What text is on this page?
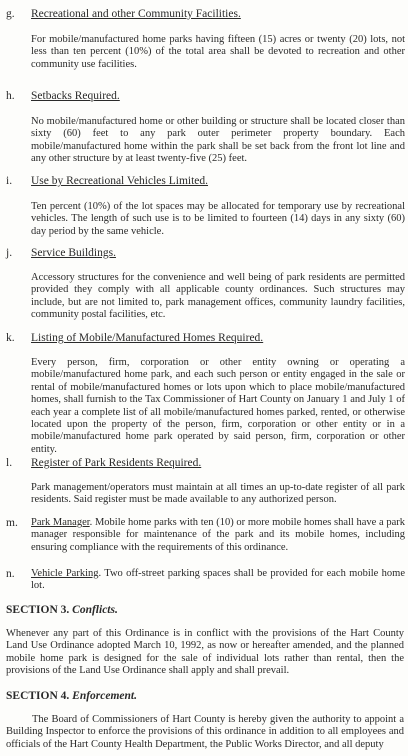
g. Recreational and other Community Facilities.
For mobile/manufactured home parks having fifteen (15) acres or twenty (20) lots, not less than ten percent (10%) of the total area shall be devoted to recreation and other community use facilities.
h. Setbacks Required.
No mobile/manufactured home or other building or structure shall be located closer than sixty (60) feet to any park outer perimeter property boundary. Each mobile/manufactured home within the park shall be set back from the front lot line and any other structure by at least twenty-five (25) feet.
i. Use by Recreational Vehicles Limited.
Ten percent (10%) of the lot spaces may be allocated for temporary use by recreational vehicles. The length of such use is to be limited to fourteen (14) days in any sixty (60) day period by the same vehicle.
j. Service Buildings.
Accessory structures for the convenience and well being of park residents are permitted provided they comply with all applicable county ordinances. Such structures may include, but are not limited to, park management offices, community laundry facilities, community postal facilities, etc.
k. Listing of Mobile/Manufactured Homes Required.
Every person, firm, corporation or other entity owning or operating a mobile/manufactured home park, and each such person or entity engaged in the sale or rental of mobile/manufactured homes or lots upon which to place mobile/manufactured homes, shall furnish to the Tax Commissioner of Hart County on January 1 and July 1 of each year a complete list of all mobile/manufactured homes parked, rented, or otherwise located upon the property of the person, firm, corporation or other entity or in a mobile/manufactured home park operated by said person, firm, corporation or other entity.
l. Register of Park Residents Required.
Park management/operators must maintain at all times an up-to-date register of all park residents. Said register must be made available to any authorized person.
m. Park Manager. Mobile home parks with ten (10) or more mobile homes shall have a park manager responsible for maintenance of the park and its mobile homes, including ensuring compliance with the requirements of this ordinance.
n. Vehicle Parking. Two off-street parking spaces shall be provided for each mobile home lot.
SECTION 3. Conflicts.
Whenever any part of this Ordinance is in conflict with the provisions of the Hart County Land Use Ordinance adopted March 10, 1992, as now or hereafter amended, and the planned mobile home park is designed for the sale of individual lots rather than rental, then the provisions of the Land Use Ordinance shall apply and shall prevail.
SECTION 4. Enforcement.
The Board of Commissioners of Hart County is hereby given the authority to appoint a Building Inspector to enforce the provisions of this ordinance in addition to all employees and officials of the Hart County Health Department, the Public Works Director, and all deputy
